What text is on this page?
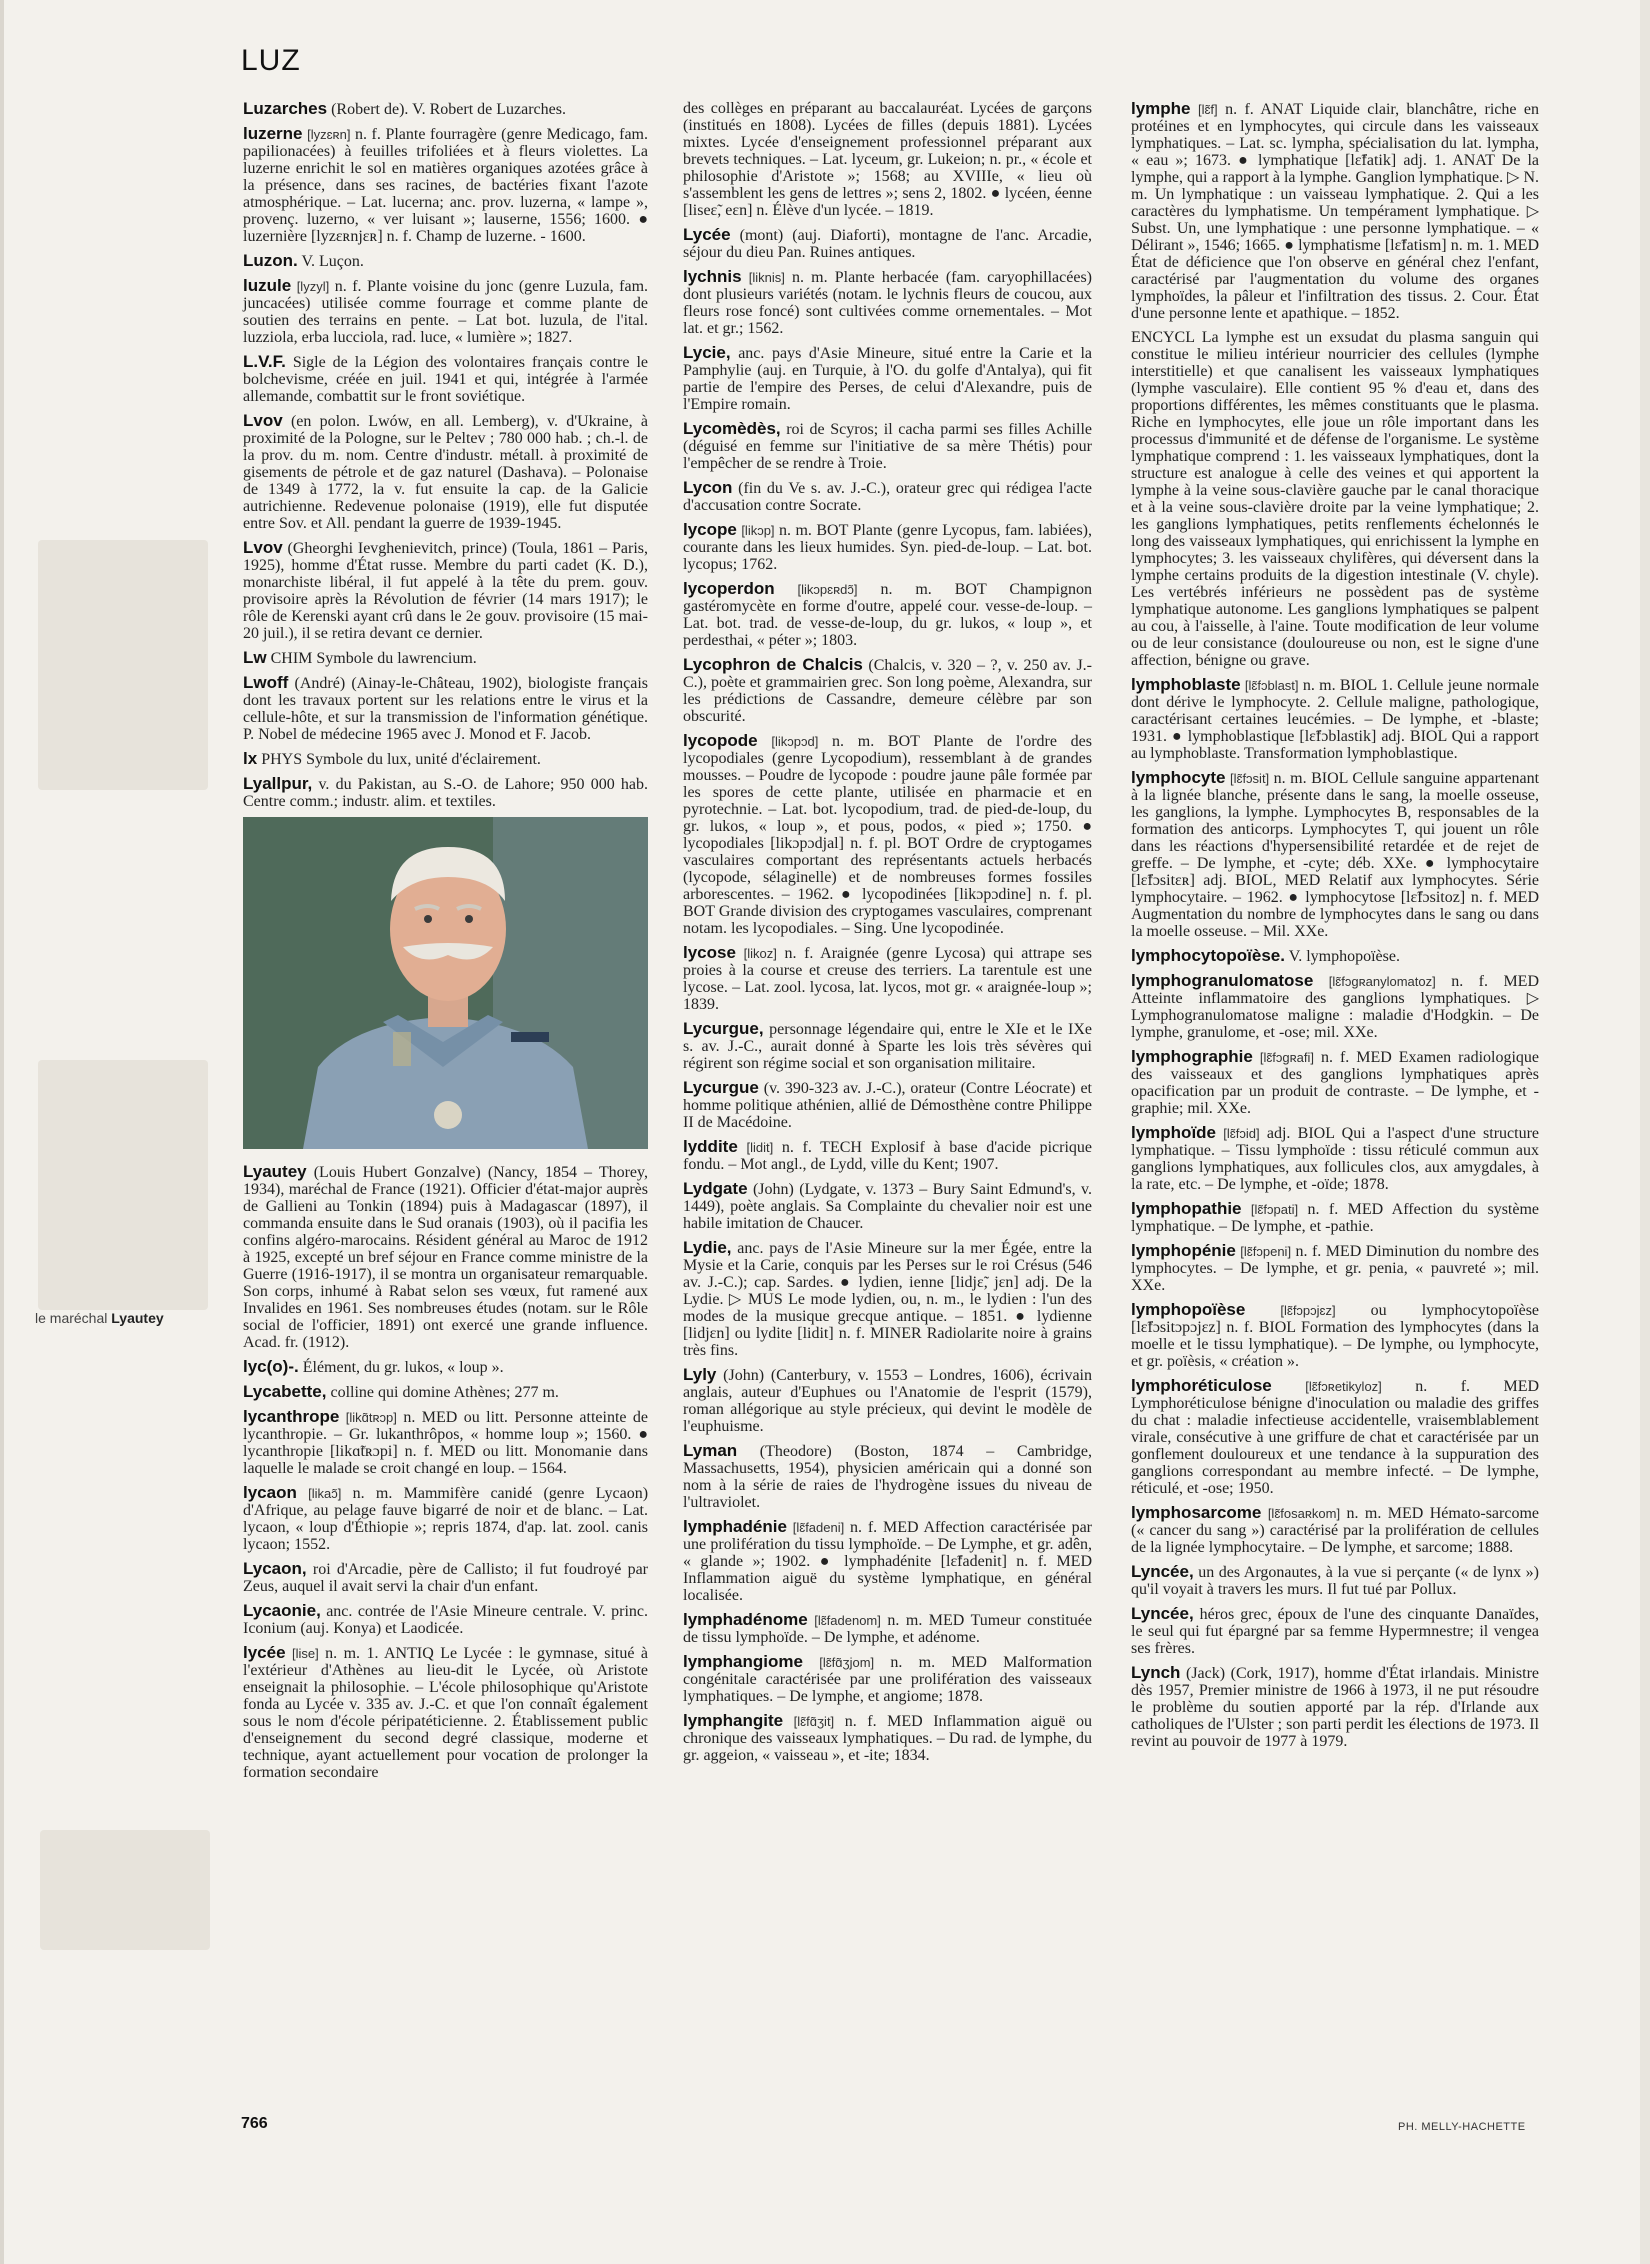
LUZ

Luzarches (Robert de). V. Robert de Luzarches.

luzerne [lyzɛʀn] n. f. Plante fourragère (genre Medicago, fam. papilionacées) à feuilles trifoliées et à fleurs violettes. La luzerne enrichit le sol en matières organiques azotées grâce à la présence, dans ses racines, de bactéries fixant l'azote atmosphérique. – Lat. lucerna; anc. prov. luzerna, « lampe », provenç. luzerno, « ver luisant »; lauserne, 1556; 1600. ● luzernière [lyzɛʀnjɛʀ] n. f. Champ de luzerne. - 1600.

Luzon. V. Luçon.

luzule [lyzyl] n. f. Plante voisine du jonc (genre Luzula, fam. juncacées) utilisée comme fourrage et comme plante de soutien des terrains en pente. – Lat bot. luzula, de l'ital. luzziola, erba lucciola, rad. luce, « lumière »; 1827.

L.V.F. Sigle de la Légion des volontaires français contre le bolchevisme, créée en juil. 1941 et qui, intégrée à l'armée allemande, combattit sur le front soviétique.

Lvov (en polon. Lwów, en all. Lemberg), v. d'Ukraine, à proximité de la Pologne, sur le Peltev ; 780 000 hab. ; ch.-l. de la prov. du m. nom. Centre d'industr. métall. à proximité de gisements de pétrole et de gaz naturel (Dashava). – Polonaise de 1349 à 1772, la v. fut ensuite la cap. de la Galicie autrichienne. Redevenue polonaise (1919), elle fut disputée entre Sov. et All. pendant la guerre de 1939-1945.

Lvov (Gheorghi Ievghenievitch, prince) (Toula, 1861 – Paris, 1925), homme d'État russe. Membre du parti cadet (K. D.), monarchiste libéral, il fut appelé à la tête du prem. gouv. provisoire après la Révolution de février (14 mars 1917); le rôle de Kerenski ayant crû dans le 2e gouv. provisoire (15 mai-20 juil.), il se retira devant ce dernier.

Lw CHIM Symbole du lawrencium.

Lwoff (André) (Ainay-le-Château, 1902), biologiste français dont les travaux portent sur les relations entre le virus et la cellule-hôte, et sur la transmission de l'information génétique. P. Nobel de médecine 1965 avec J. Monod et F. Jacob.

lx PHYS Symbole du lux, unité d'éclairement.

Lyallpur, v. du Pakistan, au S.-O. de Lahore; 950 000 hab. Centre comm.; industr. alim. et textiles.

Lyautey (Louis Hubert Gonzalve) (Nancy, 1854 – Thorey, 1934), maréchal de France (1921). Officier d'état-major auprès de Gallieni au Tonkin (1894) puis à Madagascar (1897), il commanda ensuite dans le Sud oranais (1903), où il pacifia les confins algéro-marocains. Résident général au Maroc de 1912 à 1925, excepté un bref séjour en France comme ministre de la Guerre (1916-1917), il se montra un organisateur remarquable. Son corps, inhumé à Rabat selon ses vœux, fut ramené aux Invalides en 1961. Ses nombreuses études (notam. sur le Rôle social de l'officier, 1891) ont exercé une grande influence. Acad. fr. (1912).

lyc(o)-. Élément, du gr. lukos, « loup ».

Lycabette, colline qui domine Athènes; 277 m.

lycanthrope [likɑ̃tʀɔp] n. MED ou litt. Personne atteinte de lycanthropie. – Gr. lukanthrôpos, « homme loup »; 1560. ● lycanthropie [likɑ̃tʀɔpi] n. f. MED ou litt. Monomanie dans laquelle le malade se croit changé en loup. – 1564.

lycaon [likaɔ̃] n. m. Mammifère canidé (genre Lycaon) d'Afrique, au pelage fauve bigarré de noir et de blanc. – Lat. lycaon, « loup d'Éthiopie »; repris 1874, d'ap. lat. zool. canis lycaon; 1552.

Lycaon, roi d'Arcadie, père de Callisto; il fut foudroyé par Zeus, auquel il avait servi la chair d'un enfant.

Lycaonie, anc. contrée de l'Asie Mineure centrale. V. princ. Iconium (auj. Konya) et Laodicée.

lycée [lise] n. m. 1. ANTIQ Le Lycée : le gymnase, situé à l'extérieur d'Athènes au lieu-dit le Lycée, où Aristote enseignait la philosophie. – L'école philosophique qu'Aristote fonda au Lycée v. 335 av. J.-C. et que l'on connaît également sous le nom d'école péripatéticienne. 2. Établissement public d'enseignement du second degré classique, moderne et technique, ayant actuellement pour vocation de prolonger la formation secondaire

des collèges en préparant au baccalauréat. Lycées de garçons (institués en 1808). Lycées de filles (depuis 1881). Lycées mixtes. Lycée d'enseignement professionnel préparant aux brevets techniques. – Lat. lyceum, gr. Lukeion; n. pr., « école et philosophie d'Aristote »; 1568; au XVIIIe, « lieu où s'assemblent les gens de lettres »; sens 2, 1802. ● lycéen, éenne [liseɛ̃, eɛn] n. Élève d'un lycée. – 1819.

Lycée (mont) (auj. Diaforti), montagne de l'anc. Arcadie, séjour du dieu Pan. Ruines antiques.

lychnis [liknis] n. m. Plante herbacée (fam. caryophillacées) dont plusieurs variétés (notam. le lychnis fleurs de coucou, aux fleurs rose foncé) sont cultivées comme ornementales. – Mot lat. et gr.; 1562.

Lycie, anc. pays d'Asie Mineure, situé entre la Carie et la Pamphylie (auj. en Turquie, à l'O. du golfe d'Antalya), qui fit partie de l'empire des Perses, de celui d'Alexandre, puis de l'Empire romain.

Lycomèdès, roi de Scyros; il cacha parmi ses filles Achille (déguisé en femme sur l'initiative de sa mère Thétis) pour l'empêcher de se rendre à Troie.

Lycon (fin du Ve s. av. J.-C.), orateur grec qui rédigea l'acte d'accusation contre Socrate.

lycope [likɔp] n. m. BOT Plante (genre Lycopus, fam. labiées), courante dans les lieux humides. Syn. pied-de-loup. – Lat. bot. lycopus; 1762.

lycoperdon [likɔpɛʀdɔ̃] n. m. BOT Champignon gastéromycète en forme d'outre, appelé cour. vesse-de-loup. – Lat. bot. trad. de vesse-de-loup, du gr. lukos, « loup », et perdesthai, « péter »; 1803.

Lycophron de Chalcis (Chalcis, v. 320 – ?, v. 250 av. J.-C.), poète et grammairien grec. Son long poème, Alexandra, sur les prédictions de Cassandre, demeure célèbre par son obscurité.

lycopode [likɔpɔd] n. m. BOT Plante de l'ordre des lycopodiales (genre Lycopodium), ressemblant à de grandes mousses. – Poudre de lycopode : poudre jaune pâle formée par les spores de cette plante, utilisée en pharmacie et en pyrotechnie. – Lat. bot. lycopodium, trad. de pied-de-loup, du gr. lukos, « loup », et pous, podos, « pied »; 1750. ● lycopodiales [likɔpɔdjal] n. f. pl. BOT Ordre de cryptogames vasculaires comportant des représentants actuels herbacés (lycopode, sélaginelle) et de nombreuses formes fossiles arborescentes. – 1962. ● lycopodinées [likɔpɔdine] n. f. pl. BOT Grande division des cryptogames vasculaires, comprenant notam. les lycopodiales. – Sing. Une lycopodinée.

lycose [likoz] n. f. Araignée (genre Lycosa) qui attrape ses proies à la course et creuse des terriers. La tarentule est une lycose. – Lat. zool. lycosa, lat. lycos, mot gr. « araignée-loup »; 1839.

Lycurgue, personnage légendaire qui, entre le XIe et le IXe s. av. J.-C., aurait donné à Sparte les lois très sévères qui régirent son régime social et son organisation militaire.

Lycurgue (v. 390-323 av. J.-C.), orateur (Contre Léocrate) et homme politique athénien, allié de Démosthène contre Philippe II de Macédoine.

lyddite [lidit] n. f. TECH Explosif à base d'acide picrique fondu. – Mot angl., de Lydd, ville du Kent; 1907.

Lydgate (John) (Lydgate, v. 1373 – Bury Saint Edmund's, v. 1449), poète anglais. Sa Complainte du chevalier noir est une habile imitation de Chaucer.

Lydie, anc. pays de l'Asie Mineure sur la mer Égée, entre la Mysie et la Carie, conquis par les Perses sur le roi Crésus (546 av. J.-C.); cap. Sardes. ● lydien, ienne [lidjɛ̃, jɛn] adj. De la Lydie. ▷ MUS Le mode lydien, ou, n. m., le lydien : l'un des modes de la musique grecque antique. – 1851. ● lydienne [lidjɛn] ou lydite [lidit] n. f. MINER Radiolarite noire à grains très fins.

Lyly (John) (Canterbury, v. 1553 – Londres, 1606), écrivain anglais, auteur d'Euphues ou l'Anatomie de l'esprit (1579), roman allégorique au style précieux, qui devint le modèle de l'euphuisme.

Lyman (Theodore) (Boston, 1874 – Cambridge, Massachusetts, 1954), physicien américain qui a donné son nom à la série de raies de l'hydrogène issues du niveau de l'ultraviolet.

lymphadénie [lɛ̃fadeni] n. f. MED Affection caractérisée par une prolifération du tissu lymphoïde. – De Lymphe, et gr. adên, « glande »; 1902. ● lymphadénite [lɛ̃fadenit] n. f. MED Inflammation aiguë du système lymphatique, en général localisée.

lymphadénome [lɛ̃fadenom] n. m. MED Tumeur constituée de tissu lymphoïde. – De lymphe, et adénome.

lymphangiome [lɛ̃fɑ̃ʒjom] n. m. MED Malformation congénitale caractérisée par une prolifération des vaisseaux lymphatiques. – De lymphe, et angiome; 1878.

lymphangite [lɛ̃fɑ̃ʒit] n. f. MED Inflammation aiguë ou chronique des vaisseaux lymphatiques. – Du rad. de lymphe, du gr. aggeion, « vaisseau », et -ite; 1834.

lymphe [lɛ̃f] n. f. ANAT Liquide clair, blanchâtre, riche en protéines et en lymphocytes, qui circule dans les vaisseaux lymphatiques. – Lat. sc. lympha, spécialisation du lat. lympha, « eau »; 1673. ● lymphatique [lɛ̃fatik] adj. 1. ANAT De la lymphe, qui a rapport à la lymphe. Ganglion lymphatique. ▷ N. m. Un lymphatique : un vaisseau lymphatique. 2. Qui a les caractères du lymphatisme. Un tempérament lymphatique. ▷ Subst. Un, une lymphatique : une personne lymphatique. – « Délirant », 1546; 1665. ● lymphatisme [lɛ̃fatism] n. m. 1. MED État de déficience que l'on observe en général chez l'enfant, caractérisé par l'augmentation du volume des organes lymphoïdes, la pâleur et l'infiltration des tissus. 2. Cour. État d'une personne lente et apathique. – 1852.

ENCYCL La lymphe est un exsudat du plasma sanguin qui constitue le milieu intérieur nourricier des cellules (lymphe interstitielle) et que canalisent les vaisseaux lymphatiques (lymphe vasculaire). Elle contient 95 % d'eau et, dans des proportions différentes, les mêmes constituants que le plasma. Riche en lymphocytes, elle joue un rôle important dans les processus d'immunité et de défense de l'organisme. Le système lymphatique comprend : 1. les vaisseaux lymphatiques, dont la structure est analogue à celle des veines et qui apportent la lymphe à la veine sous-clavière gauche par le canal thoracique et à la veine sous-clavière droite par la veine lymphatique; 2. les ganglions lymphatiques, petits renflements échelonnés le long des vaisseaux lymphatiques, qui enrichissent la lymphe en lymphocytes; 3. les vaisseaux chylifères, qui déversent dans la lymphe certains produits de la digestion intestinale (V. chyle). Les vertébrés inférieurs ne possèdent pas de système lymphatique autonome. Les ganglions lymphatiques se palpent au cou, à l'aisselle, à l'aine. Toute modification de leur volume ou de leur consistance (douloureuse ou non, est le signe d'une affection, bénigne ou grave.

lymphoblaste [lɛ̃fɔblast] n. m. BIOL 1. Cellule jeune normale dont dérive le lymphocyte. 2. Cellule maligne, pathologique, caractérisant certaines leucémies. – De lymphe, et -blaste; 1931. ● lymphoblastique [lɛ̃fɔblastik] adj. BIOL Qui a rapport au lymphoblaste. Transformation lymphoblastique.

lymphocyte [lɛ̃fɔsit] n. m. BIOL Cellule sanguine appartenant à la lignée blanche, présente dans le sang, la moelle osseuse, les ganglions, la lymphe. Lymphocytes B, responsables de la formation des anticorps. Lymphocytes T, qui jouent un rôle dans les réactions d'hypersensibilité retardée et de rejet de greffe. – De lymphe, et -cyte; déb. XXe. ● lymphocytaire [lɛ̃fɔsitɛʀ] adj. BIOL, MED Relatif aux lymphocytes. Série lymphocytaire. – 1962. ● lymphocytose [lɛ̃fɔsitoz] n. f. MED Augmentation du nombre de lymphocytes dans le sang ou dans la moelle osseuse. – Mil. XXe.

lymphocytopoïèse. V. lymphopoïèse.

lymphogranulomatose [lɛ̃fɔgʀanylomatoz] n. f. MED Atteinte inflammatoire des ganglions lymphatiques. ▷ Lymphogranulomatose maligne : maladie d'Hodgkin. – De lymphe, granulome, et -ose; mil. XXe.

lymphographie [lɛ̃fɔgʀafi] n. f. MED Examen radiologique des vaisseaux et des ganglions lymphatiques après opacification par un produit de contraste. – De lymphe, et -graphie; mil. XXe.

lymphoïde [lɛ̃fɔid] adj. BIOL Qui a l'aspect d'une structure lymphatique. – Tissu lymphoïde : tissu réticulé commun aux ganglions lymphatiques, aux follicules clos, aux amygdales, à la rate, etc. – De lymphe, et -oïde; 1878.

lymphopathie [lɛ̃fɔpati] n. f. MED Affection du système lymphatique. – De lymphe, et -pathie.

lymphopénie [lɛ̃fɔpeni] n. f. MED Diminution du nombre des lymphocytes. – De lymphe, et gr. penia, « pauvreté »; mil. XXe.

lymphopoïèse	[lɛ̃fɔpɔjɛz] ou lymphocytopoïèse [lɛ̃fɔsitɔpɔjɛz] n. f. BIOL Formation des lymphocytes (dans la moelle et le tissu lymphatique). – De lymphe, ou lymphocyte, et gr. poïèsis, « création ».

lymphoréticulose	[lɛ̃fɔʀetikyloz] n. f. MED Lymphoréticulose bénigne d'inoculation ou maladie des griffes du chat : maladie infectieuse accidentelle, vraisemblablement virale, consécutive à une griffure de chat et caractérisée par un gonflement douloureux et une tendance à la suppuration des ganglions correspondant au membre infecté. – De lymphe, réticulé, et -ose; 1950.

lymphosarcome [lɛ̃fosaʀkom] n. m. MED Hémato-sarcome (« cancer du sang ») caractérisé par la prolifération de cellules de la lignée lymphocytaire. – De lymphe, et sarcome; 1888.

Lyncée, un des Argonautes, à la vue si perçante (« de lynx ») qu'il voyait à travers les murs. Il fut tué par Pollux.

Lyncée, héros grec, époux de l'une des cinquante Danaïdes, le seul qui fut épargné par sa femme Hypermnestre; il vengea ses frères.

Lynch (Jack) (Cork, 1917), homme d'État irlandais. Ministre dès 1957, Premier ministre de 1966 à 1973, il ne put résoudre le problème du soutien apporté par la rép. d'Irlande aux catholiques de l'Ulster ; son parti perdit les élections de 1973. Il revint au pouvoir de 1977 à 1979.

le maréchal Lyautey
766	PH. MELLY-HACHETTE
